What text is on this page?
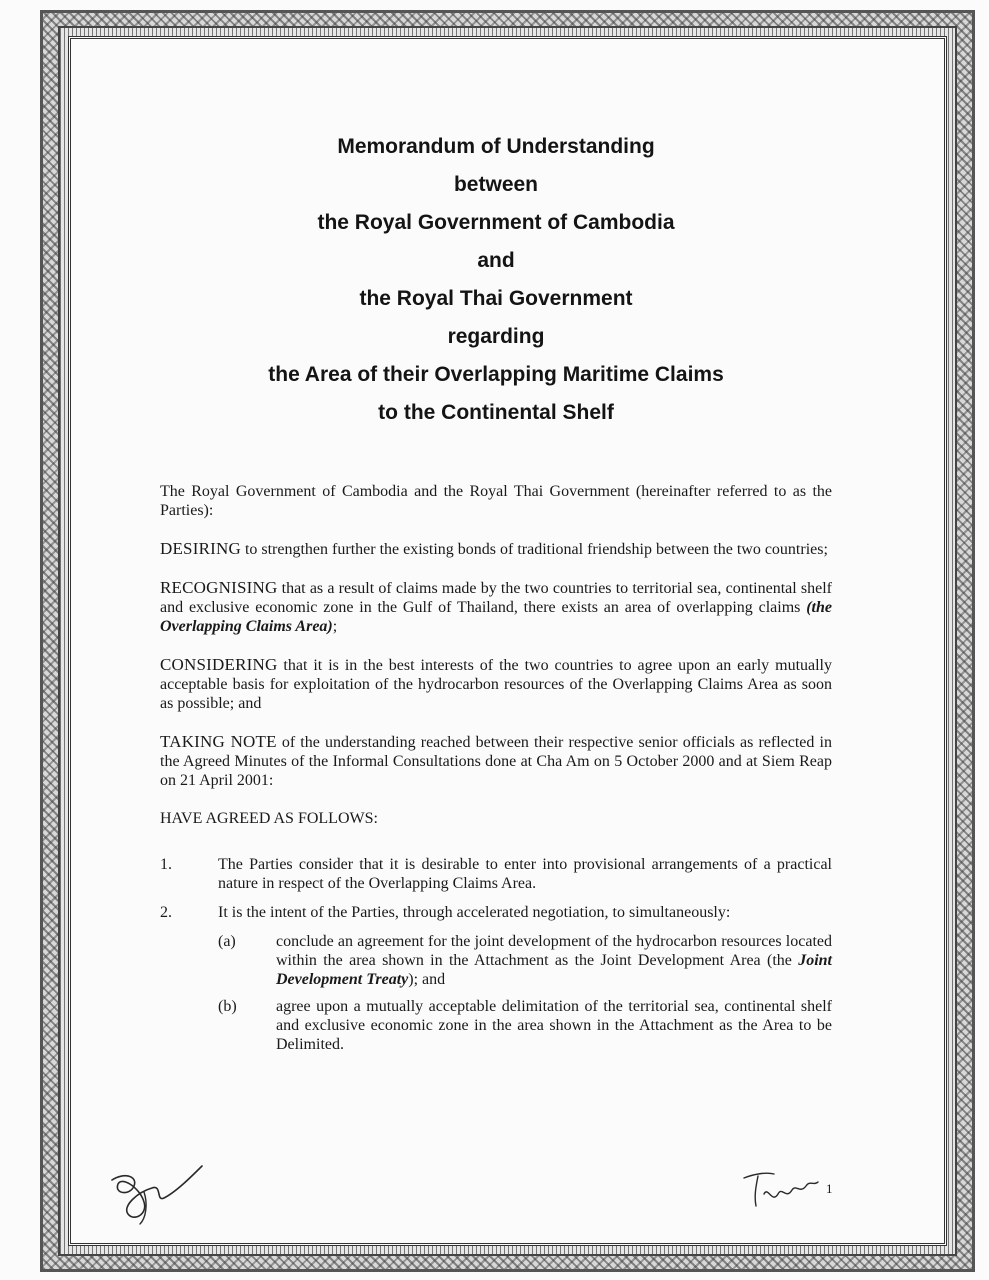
Memorandum of Understanding
between
the Royal Government of Cambodia
and
the Royal Thai Government
regarding
the Area of their Overlapping Maritime Claims
to the Continental Shelf

The Royal Government of Cambodia and the Royal Thai Government (hereinafter referred to as the Parties):

DESIRING to strengthen further the existing bonds of traditional friendship between the two countries;

RECOGNISING that as a result of claims made by the two countries to territorial sea, continental shelf and exclusive economic zone in the Gulf of Thailand, there exists an area of overlapping claims (the Overlapping Claims Area);

CONSIDERING that it is in the best interests of the two countries to agree upon an early mutually acceptable basis for exploitation of the hydrocarbon resources of the Overlapping Claims Area as soon as possible; and

TAKING NOTE of the understanding reached between their respective senior officials as reflected in the Agreed Minutes of the Informal Consultations done at Cha Am on 5 October 2000 and at Siem Reap on 21 April 2001:

HAVE AGREED AS FOLLOWS:

1.	The Parties consider that it is desirable to enter into provisional arrangements of a practical nature in respect of the Overlapping Claims Area.
2.	It is the intent of the Parties, through accelerated negotiation, to simultaneously:
(a)	conclude an agreement for the joint development of the hydrocarbon resources located within the area shown in the Attachment as the Joint Development Area (the Joint Development Treaty); and
(b)	agree upon a mutually acceptable delimitation of the territorial sea, continental shelf and exclusive economic zone in the area shown in the Attachment as the Area to be Delimited.
1
